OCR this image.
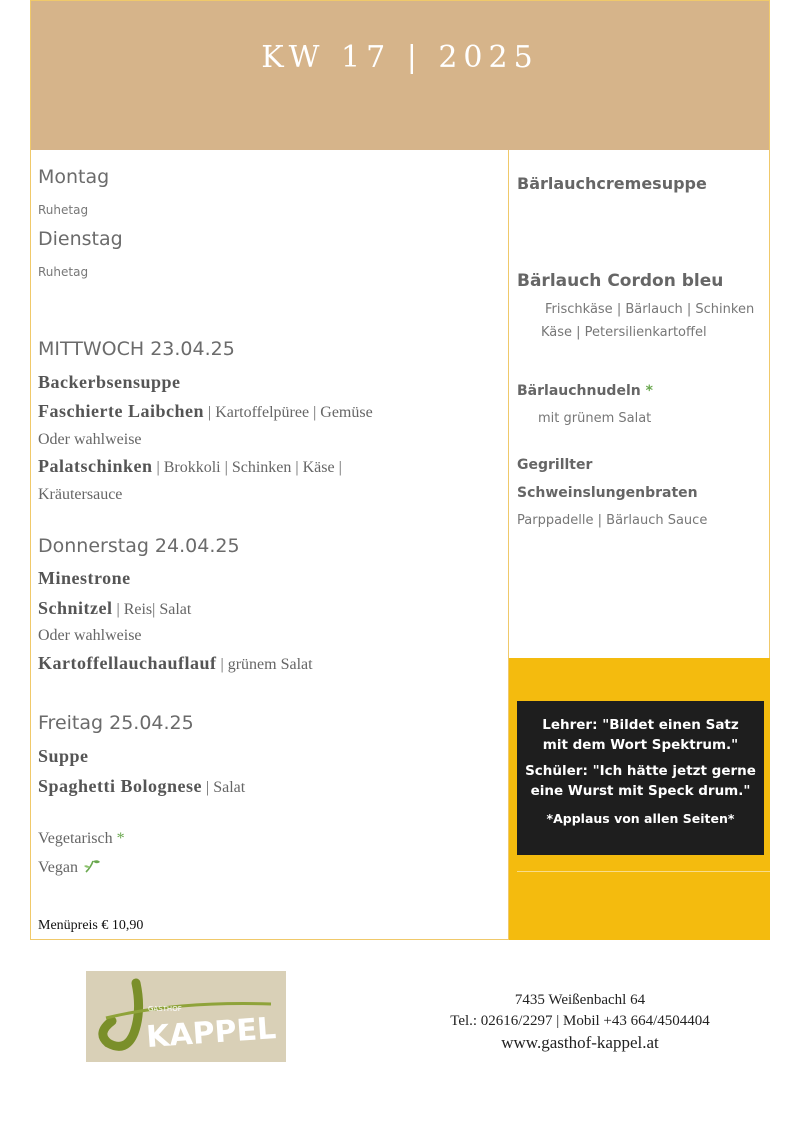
KW 17 | 2025
Montag
Ruhetag
Dienstag
Ruhetag
MITTWOCH 23.04.25
Backerbsensuppe
Faschierte Laibchen | Kartoffelpüree | Gemüse
Oder wahlweise
Palatschinken | Brokkoli | Schinken | Käse |
Kräutersauce
Donnerstag 24.04.25
Minestrone
Schnitzel | Reis| Salat
Oder wahlweise
Kartoffellauchauflauf | grünem Salat
Freitag 25.04.25
Suppe
Spaghetti Bolognese | Salat
Vegetarisch *
Vegan
Menüpreis € 10,90
Bärlauchcremesuppe
Bärlauch Cordon bleu
Frischkäse | Bärlauch | Schinken
Käse | Petersilienkartoffel
Bärlauchnudeln *
mit grünem Salat
Gegrillter
Schweinslungenbraten
Parppadelle | Bärlauch Sauce
Lehrer: "Bildet einen Satz
mit dem Wort Spektrum."
Schüler: "Ich hätte jetzt gerne
eine Wurst mit Speck drum."
*Applaus von allen Seiten*
GASTHOF
KAPPEL
7435 Weißenbachl 64
Tel.: 02616/2297 | Mobil +43 664/4504404
www.gasthof-kappel.at
